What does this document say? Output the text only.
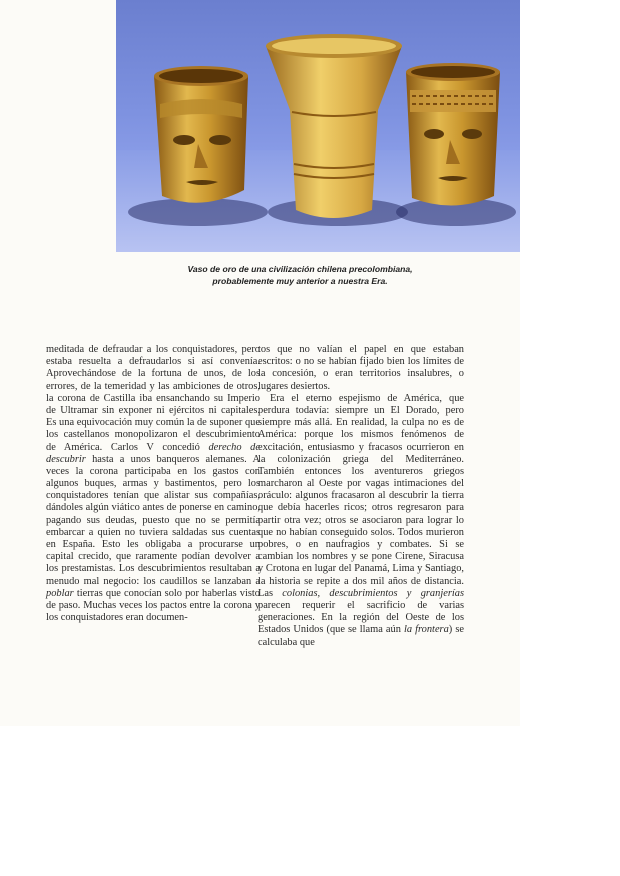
Vaso de oro de una civilización chilena precolombiana,
probablemente muy anterior a nuestra Era.

meditada de defraudar a los conquistadores, pero estaba resuelta a defraudarlos si así convenía. Aprovechándose de la fortuna de unos, de los errores, de la temeridad y las ambiciones de otros, la corona de Castilla iba ensanchando su Imperio de Ultramar sin exponer ni ejércitos ni capitales. Es una equivocación muy común la de suponer que los castellanos monopolizaron el descubrimiento de América. Carlos V concedió derecho de descubrir hasta a unos banqueros alemanes. A veces la corona participaba en los gastos con algunos buques, armas y bastimentos, pero los conquistadores tenían que alistar sus compañías, dándoles algún viático antes de ponerse en camino, pagando sus deudas, puesto que no se permitía embarcar a quien no tuviera saldadas sus cuentas en España. Esto les obligaba a procurarse un capital crecido, que raramente podían devolver a los prestamistas. Los descubrimientos resultaban a menudo mal negocio: los caudillos se lanzaban a poblar tierras que conocían solo por haberlas visto de paso. Muchas veces los pactos entre la corona y los conquistadores eran documen-

tos que no valían el papel en que estaban escritos: o no se habían fijado bien los límites de la concesión, o eran territorios insalubres, o lugares desiertos.

Era el eterno espejismo de América, que perdura todavía: siempre un El Dorado, pero siempre más allá. En realidad, la culpa no es de América: porque los mismos fenómenos de excitación, entusiasmo y fracasos ocurrieron en la colonización griega del Mediterráneo. También entonces los aventureros griegos marcharon al Oeste por vagas intimaciones del oráculo: algunos fracasaron al descubrir la tierra que debía hacerles ricos; otros regresaron para partir otra vez; otros se asociaron para lograr lo que no habían conseguido solos. Todos murieron pobres, o en naufragios y combates. Si se cambian los nombres y se pone Cirene, Siracusa y Crotona en lugar del Panamá, Lima y Santiago, la historia se repite a dos mil años de distancia. Las colonias, descubrimientos y granjerías parecen requerir el sacrificio de varias generaciones. En la región del Oeste de los Estados Unidos (que se llama aún la frontera) se calculaba que
